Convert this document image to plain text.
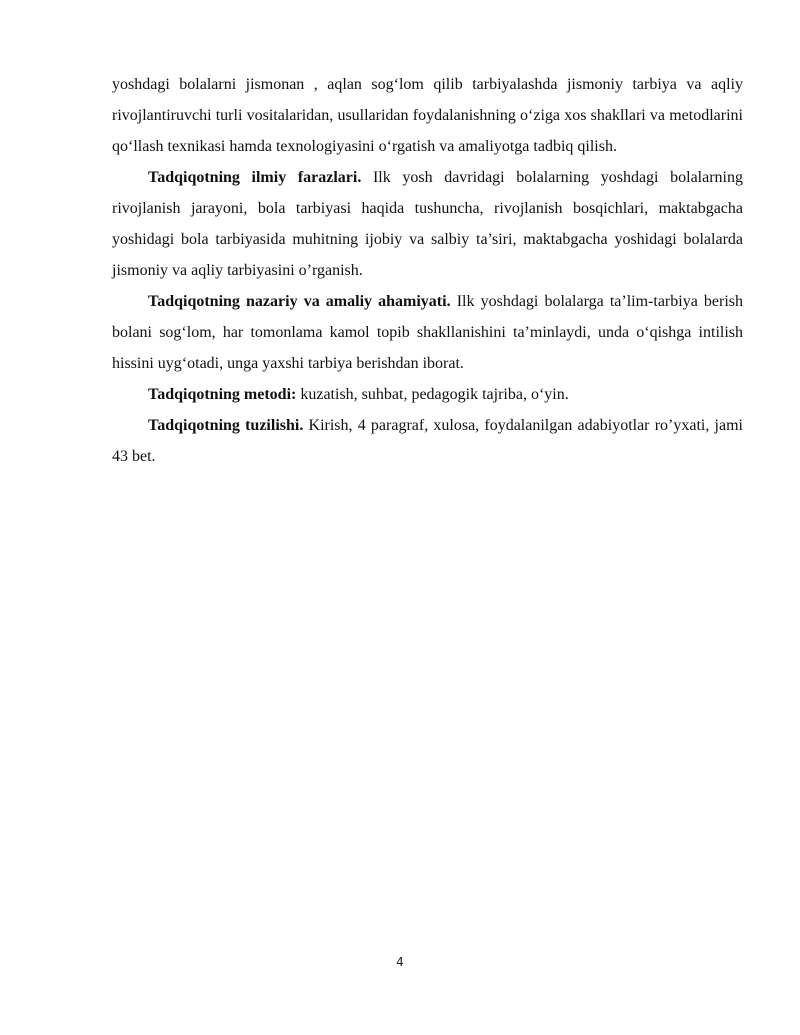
yoshdagi bolalarni jismonan , aqlan sog‘lom qilib tarbiyalashda jismoniy tarbiya va aqliy rivojlantiruvchi turli vositalaridan, usullaridan foydalanishning o‘ziga xos shakllari va metodlarini qo‘llash texnikasi hamda texnologiyasini o‘rgatish va amaliyotga tadbiq qilish.

Tadqiqotning ilmiy farazlari. Ilk yosh davridagi bolalarning yoshdagi bolalarning rivojlanish jarayoni, bola tarbiyasi haqida tushuncha, rivojlanish bosqichlari, maktabgacha yoshidagi bola tarbiyasida muhitning ijobiy va salbiy ta’siri, maktabgacha yoshidagi bolalarda jismoniy va aqliy tarbiyasini o’rganish.

Tadqiqotning nazariy va amaliy ahamiyati. Ilk yoshdagi bolalarga ta’lim-tarbiya berish bolani sog‘lom, har tomonlama kamol topib shakllanishini ta’minlaydi, unda o‘qishga intilish hissini uyg‘otadi, unga yaxshi tarbiya berishdan iborat.

Tadqiqotning metodi: kuzatish, suhbat, pedagogik tajriba, o‘yin.

Tadqiqotning tuzilishi. Kirish, 4 paragraf, xulosa, foydalanilgan adabiyotlar ro’yxati, jami 43 bet.

4
